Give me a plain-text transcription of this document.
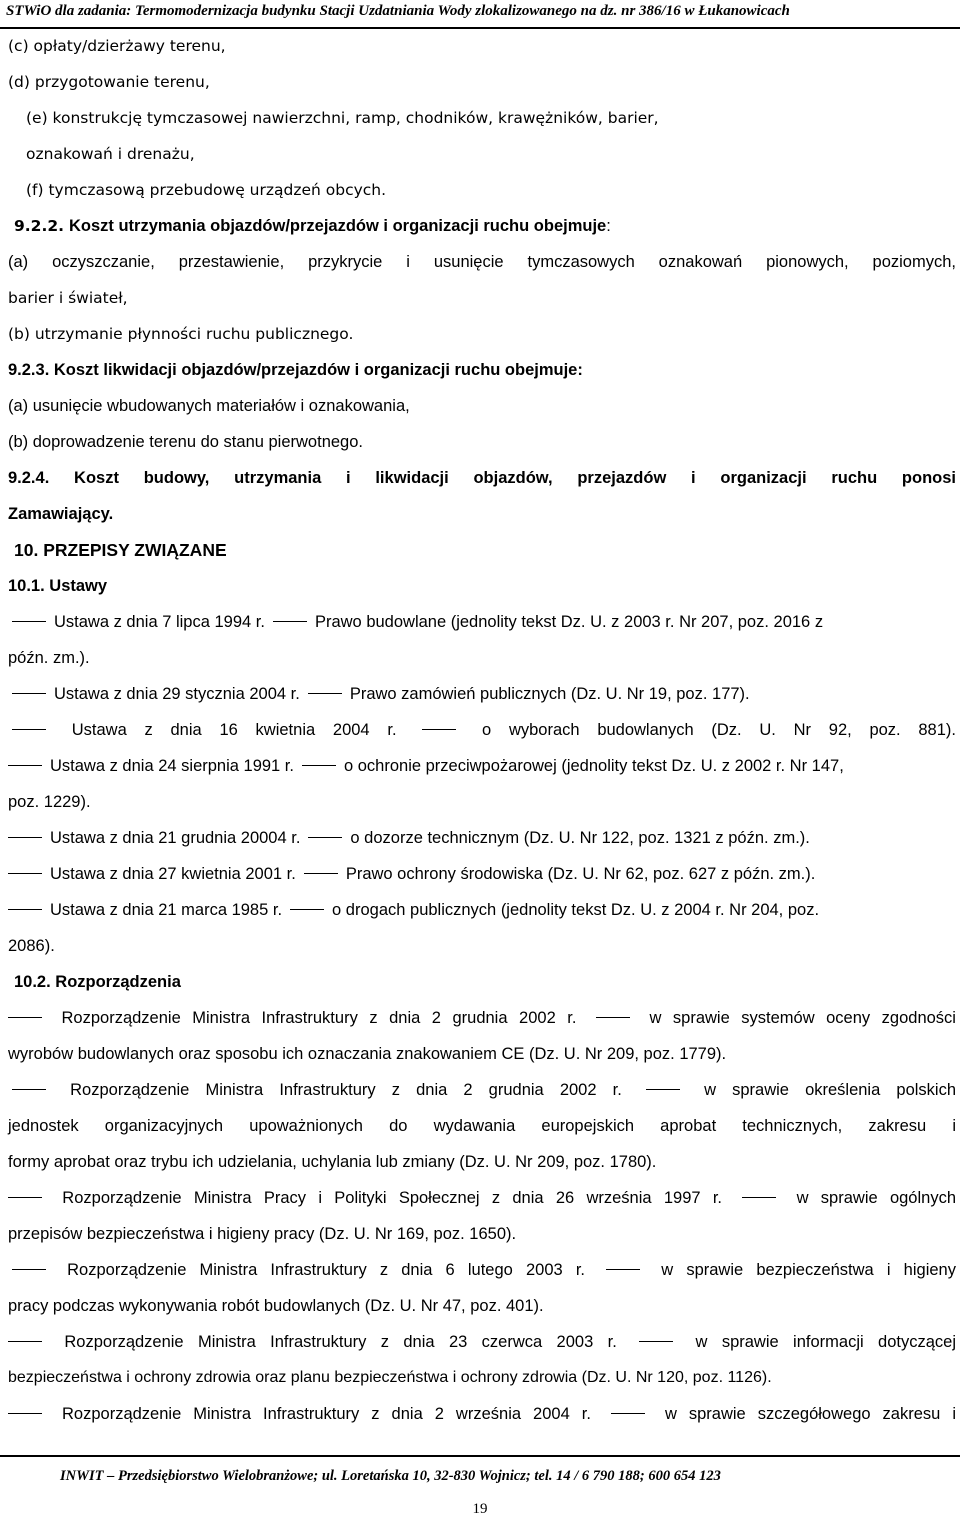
STWiO dla zadania: Termomodernizacja budynku Stacji Uzdatniania Wody zlokalizowanego na dz. nr 386/16 w Łukanowicach
(c) opłaty/dzierżawy terenu,
(d) przygotowanie terenu,
(e) konstrukcję tymczasowej nawierzchni, ramp, chodników, krawężników, barier,
oznakowań i drenażu,
(f) tymczasową przebudowę urządzeń obcych.
9.2.2. Koszt utrzymania objazdów/przejazdów i organizacji ruchu obejmuje:
(a) oczyszczanie, przestawienie, przykrycie i usunięcie tymczasowych oznakowań pionowych, poziomych,
barier i świateł,
(b) utrzymanie płynności ruchu publicznego.
9.2.3. Koszt likwidacji objazdów/przejazdów i organizacji ruchu obejmuje:
(a) usunięcie wbudowanych materiałów i oznakowania,
(b) doprowadzenie terenu do stanu pierwotnego.
9.2.4. Koszt budowy, utrzymania i likwidacji objazdów, przejazdów i organizacji ruchu ponosi
Zamawiający.
10. PRZEPISY ZWIĄZANE
10.1. Ustawy
Ustawa z dnia 7 lipca 1994 r.	Prawo budowlane (jednolity tekst Dz. U. z 2003 r. Nr 207, poz. 2016 z
późn. zm.).
Ustawa z dnia 29 stycznia 2004 r.	Prawo zamówień publicznych (Dz. U. Nr 19, poz. 177).
Ustawa z dnia 16 kwietnia 2004 r.	o wyborach budowlanych (Dz. U. Nr 92, poz. 881).
Ustawa z dnia 24 sierpnia 1991 r.	o ochronie przeciwpożarowej (jednolity tekst Dz. U. z 2002 r. Nr 147,
poz. 1229).
Ustawa z dnia 21 grudnia 20004 r.	o dozorze technicznym (Dz. U. Nr 122, poz. 1321 z późn. zm.).
Ustawa z dnia 27 kwietnia 2001 r.	Prawo ochrony środowiska (Dz. U. Nr 62, poz. 627 z późn. zm.).
Ustawa z dnia 21 marca 1985 r.	o drogach publicznych (jednolity tekst Dz. U. z 2004 r. Nr 204, poz.
2086).
10.2. Rozporządzenia
Rozporządzenie Ministra Infrastruktury z dnia 2 grudnia 2002 r.	w sprawie systemów oceny zgodności
wyrobów budowlanych oraz sposobu ich oznaczania znakowaniem CE (Dz. U. Nr 209, poz. 1779).
Rozporządzenie Ministra Infrastruktury z dnia 2 grudnia 2002 r.	w sprawie określenia polskich
jednostek organizacyjnych upoważnionych do wydawania europejskich aprobat technicznych, zakresu i
formy aprobat oraz trybu ich udzielania, uchylania lub zmiany (Dz. U. Nr 209, poz. 1780).
Rozporządzenie Ministra Pracy i Polityki Społecznej z dnia 26 września 1997 r.	w sprawie ogólnych
przepisów bezpieczeństwa i higieny pracy (Dz. U. Nr 169, poz. 1650).
Rozporządzenie Ministra Infrastruktury z dnia 6 lutego 2003 r.	w sprawie bezpieczeństwa i higieny
pracy podczas wykonywania robót budowlanych (Dz. U. Nr 47, poz. 401).
Rozporządzenie Ministra Infrastruktury z dnia 23 czerwca 2003 r.	w sprawie informacji dotyczącej
bezpieczeństwa i ochrony zdrowia oraz planu bezpieczeństwa i ochrony zdrowia (Dz. U. Nr 120, poz. 1126).
Rozporządzenie Ministra Infrastruktury z dnia 2 września 2004 r.	w sprawie szczegółowego zakresu i
INWIT – Przedsiębiorstwo Wielobranżowe; ul. Loretańska 10, 32-830 Wojnicz; tel. 14 / 6 790 188; 600 654 123
19
